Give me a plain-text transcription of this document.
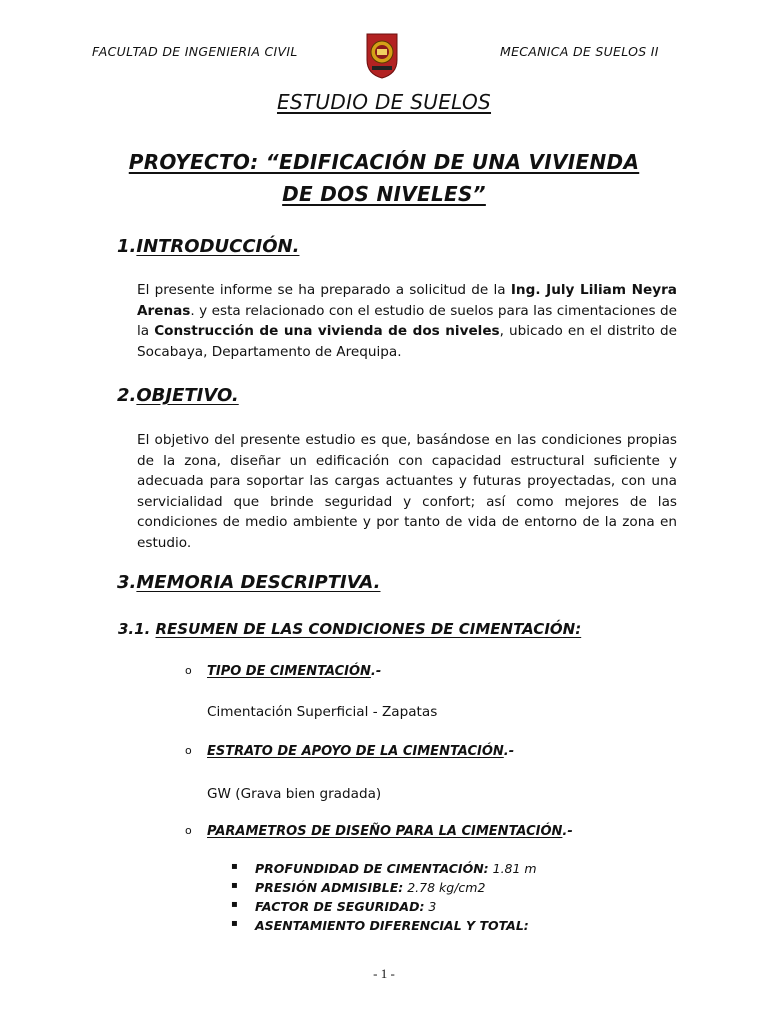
FACULTAD DE INGENIERIA CIVIL	MECANICA DE SUELOS II
ESTUDIO DE SUELOS
PROYECTO: “EDIFICACIÓN DE UNA VIVIENDA
DE DOS NIVELES”
1.INTRODUCCIÓN.
El presente informe se ha preparado a solicitud de la Ing. July Liliam Neyra Arenas. y esta relacionado con el estudio de suelos para las cimentaciones de la Construcción de una vivienda de dos niveles, ubicado en el distrito de Socabaya, Departamento de Arequipa.
2.OBJETIVO.
El objetivo del presente estudio es que, basándose en las condiciones propias de la zona, diseñar un edificación con capacidad estructural suficiente y adecuada para soportar las cargas actuantes y futuras proyectadas, con una servicialidad que brinde seguridad y confort; así como mejores de las condiciones de medio ambiente y por tanto de vida de entorno de la zona en estudio.
3.MEMORIA DESCRIPTIVA.
3.1. RESUMEN DE LAS CONDICIONES DE CIMENTACIÓN:
o TIPO DE CIMENTACIÓN.-
Cimentación Superficial - Zapatas
o ESTRATO DE APOYO DE LA CIMENTACIÓN.-
GW (Grava bien gradada)
o PARAMETROS DE DISEÑO PARA LA CIMENTACIÓN.-
▪ PROFUNDIDAD DE CIMENTACIÓN: 1.81 m
▪ PRESIÓN ADMISIBLE: 2.78 kg/cm2
▪ FACTOR DE SEGURIDAD: 3
▪ ASENTAMIENTO DIFERENCIAL Y TOTAL:
- 1 -
